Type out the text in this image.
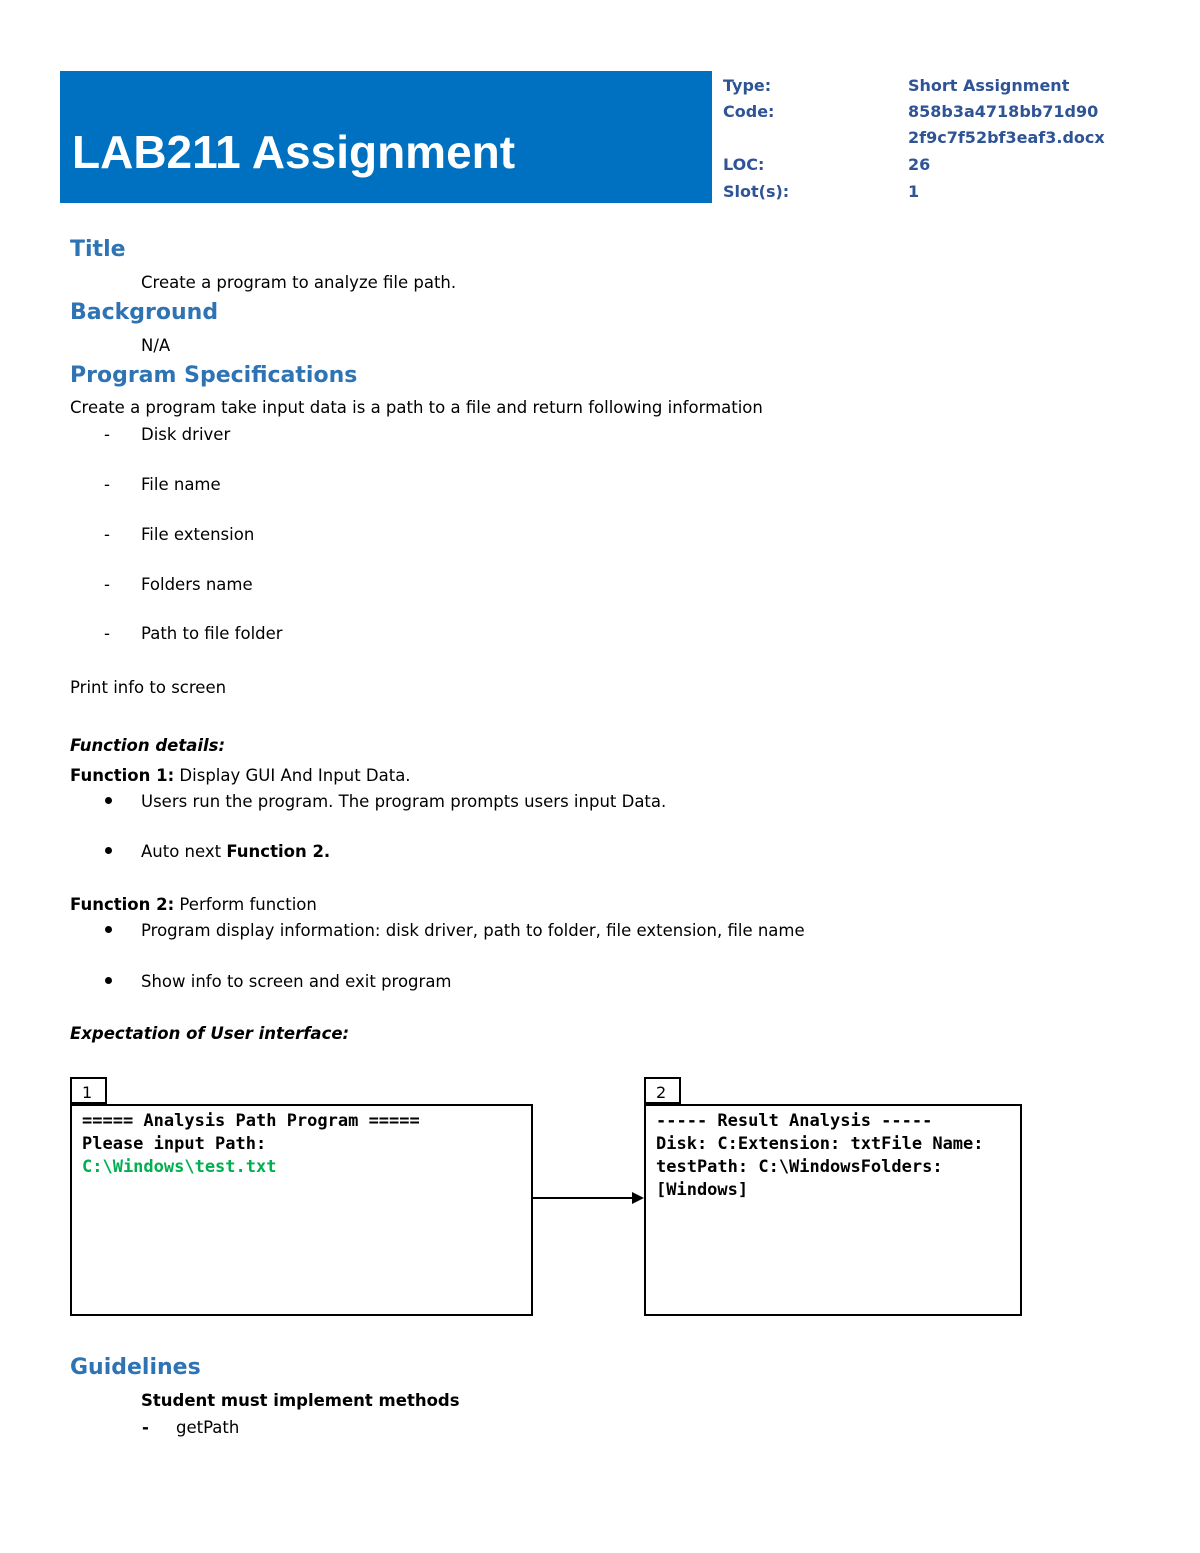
LAB211 Assignment
Type:	Short Assignment
Code:	858b3a4718bb71d90
2f9c7f52bf3eaf3.docx
LOC:	26
Slot(s):	1
Title
Create a program to analyze file path.
Background
N/A
Program Specifications
Create a program take input data is a path to a file and return following information
- Disk driver
- File name
- File extension
- Folders name
- Path to file folder
Print info to screen
Function details:
Function 1: Display GUI And Input Data.
Users run the program. The program prompts users input Data.
Auto next Function 2.
Function 2: Perform function
Program display information: disk driver, path to folder, file extension, file name
Show info to screen and exit program
Expectation of User interface:
1
===== Analysis Path Program =====
Please input Path:
C:\Windows\test.txt
2
----- Result Analysis -----
Disk: C:Extension: txtFile Name:
testPath: C:\WindowsFolders:
[Windows]
Guidelines
Student must implement methods
- getPath
